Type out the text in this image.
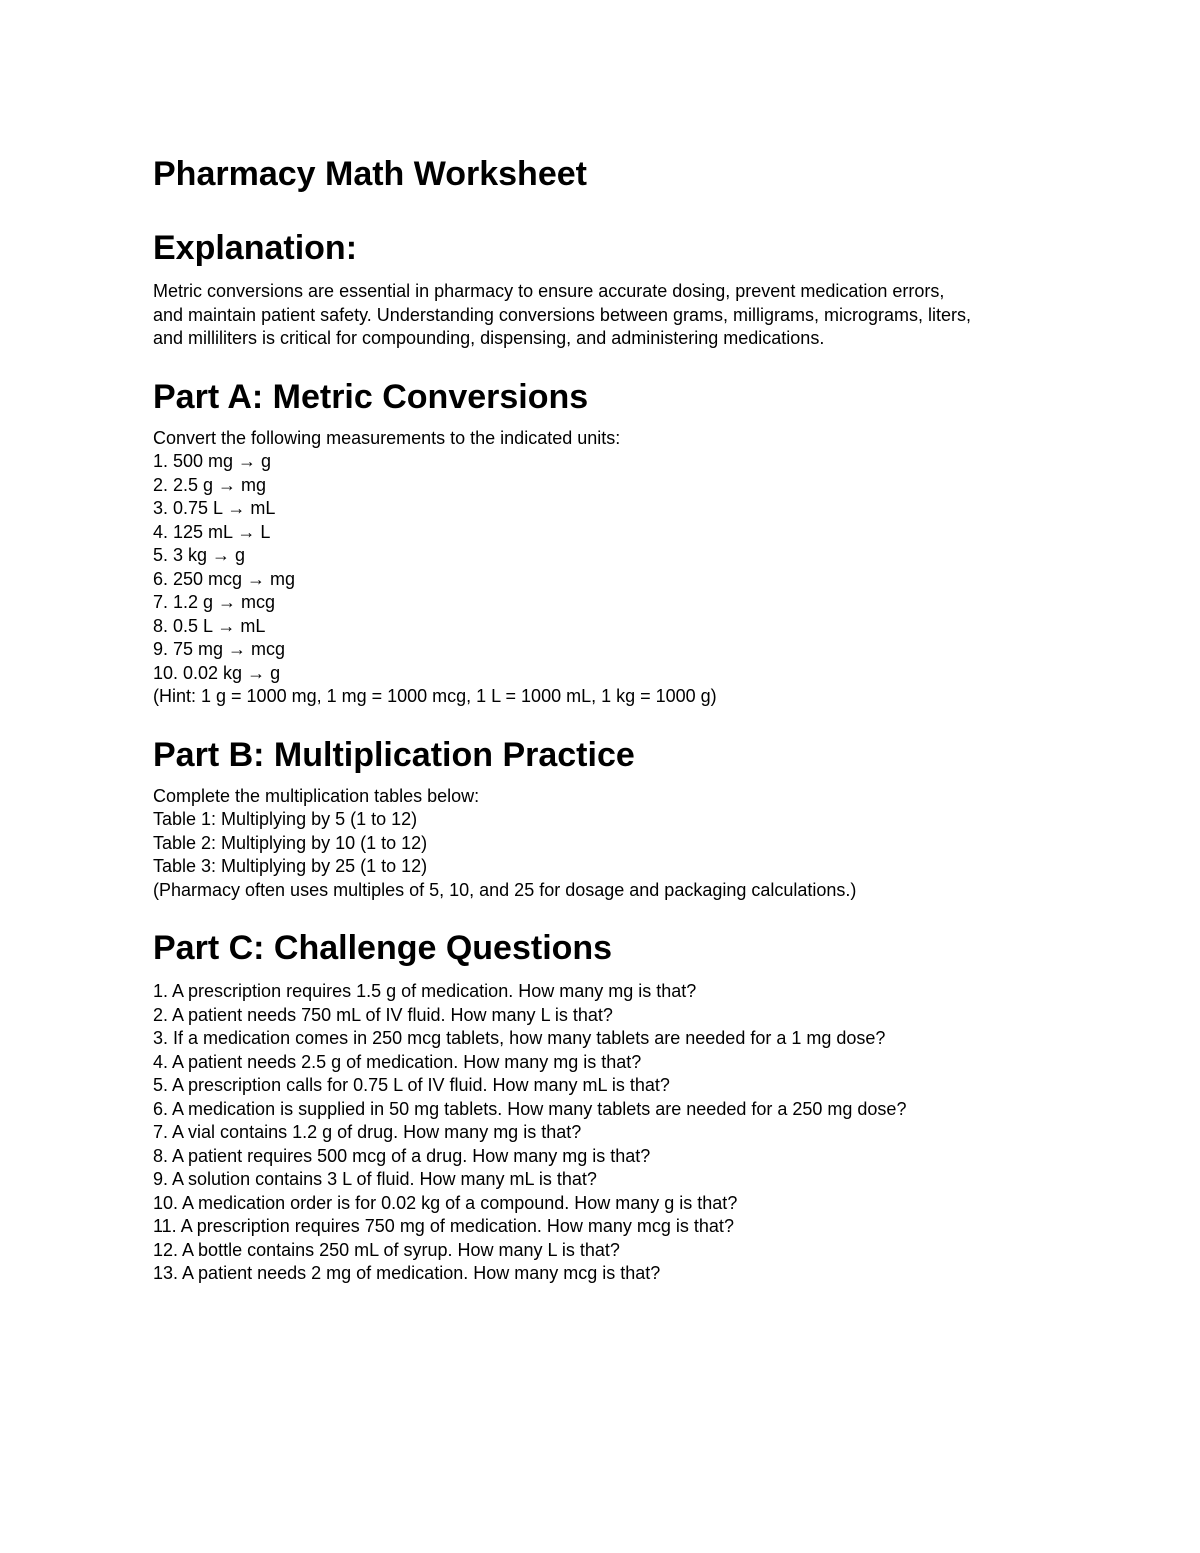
Pharmacy Math Worksheet
Explanation:
Metric conversions are essential in pharmacy to ensure accurate dosing, prevent medication errors,
and maintain patient safety. Understanding conversions between grams, milligrams, micrograms, liters,
and milliliters is critical for compounding, dispensing, and administering medications.
Part A: Metric Conversions
Convert the following measurements to the indicated units:
1. 500 mg → g
2. 2.5 g → mg
3. 0.75 L → mL
4. 125 mL → L
5. 3 kg → g
6. 250 mcg → mg
7. 1.2 g → mcg
8. 0.5 L → mL
9. 75 mg → mcg
10. 0.02 kg → g
(Hint: 1 g = 1000 mg, 1 mg = 1000 mcg, 1 L = 1000 mL, 1 kg = 1000 g)
Part B: Multiplication Practice
Complete the multiplication tables below:
Table 1: Multiplying by 5 (1 to 12)
Table 2: Multiplying by 10 (1 to 12)
Table 3: Multiplying by 25 (1 to 12)
(Pharmacy often uses multiples of 5, 10, and 25 for dosage and packaging calculations.)
Part C: Challenge Questions
1. A prescription requires 1.5 g of medication. How many mg is that?
2. A patient needs 750 mL of IV fluid. How many L is that?
3. If a medication comes in 250 mcg tablets, how many tablets are needed for a 1 mg dose?
4. A patient needs 2.5 g of medication. How many mg is that?
5. A prescription calls for 0.75 L of IV fluid. How many mL is that?
6. A medication is supplied in 50 mg tablets. How many tablets are needed for a 250 mg dose?
7. A vial contains 1.2 g of drug. How many mg is that?
8. A patient requires 500 mcg of a drug. How many mg is that?
9. A solution contains 3 L of fluid. How many mL is that?
10. A medication order is for 0.02 kg of a compound. How many g is that?
11. A prescription requires 750 mg of medication. How many mcg is that?
12. A bottle contains 250 mL of syrup. How many L is that?
13. A patient needs 2 mg of medication. How many mcg is that?
